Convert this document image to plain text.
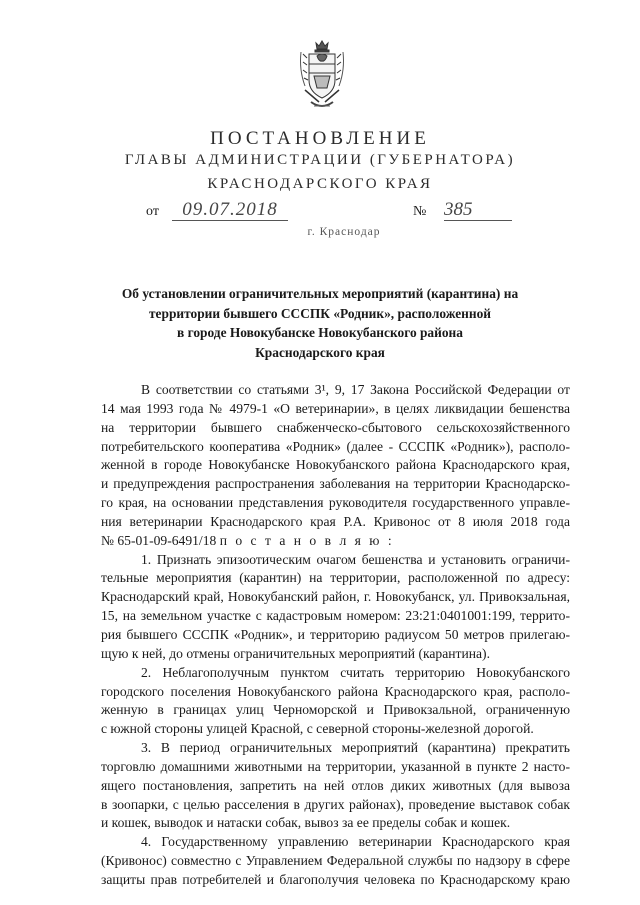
ПОСТАНОВЛЕНИЕ
ГЛАВЫ АДМИНИСТРАЦИИ (ГУБЕРНАТОРА)
КРАСНОДАРСКОГО КРАЯ
от	09.07.2018	№ 385
г. Краснодар
Об установлении ограничительных мероприятий (карантина) на
территории бывшего СССПК «Родник», расположенной
в городе Новокубанске Новокубанского района
Краснодарского края
В соответствии со статьями 3¹, 9, 17 Закона Российской Федерации от
14 мая 1993 года № 4979-1 «О ветеринарии», в целях ликвидации бешенства
на территории бывшего снабженческо-сбытового сельскохозяйственного
потребительского кооператива «Родник» (далее - СССПК «Родник»), располо-
женной в городе Новокубанске Новокубанского района Краснодарского края,
и предупреждения распространения заболевания на территории Краснодарско-
го края, на основании представления руководителя государственного управле-
ния ветеринарии Краснодарского края Р.А. Кривонос от 8 июля 2018 года
№ 65-01-09-6491/18 п о с т а н о в л я ю :
1. Признать эпизоотическим очагом бешенства и установить ограничи-
тельные мероприятия (карантин) на территории, расположенной по адресу:
Краснодарский край, Новокубанский район, г. Новокубанск, ул. Привокзальная,
15, на земельном участке с кадастровым номером: 23:21:0401001:199, террито-
рия бывшего СССПК «Родник», и территорию радиусом 50 метров прилегаю-
щую к ней, до отмены ограничительных мероприятий (карантина).
2. Неблагополучным пунктом считать территорию Новокубанского
городского поселения Новокубанского района Краснодарского края, располо-
женную в границах улиц Черноморской и Привокзальной, ограниченную
с южной стороны улицей Красной, с северной стороны-железной дорогой.
3. В период ограничительных мероприятий (карантина) прекратить
торговлю домашними животными на территории, указанной в пункте 2 наcто-
ящего постановления, запретить на ней отлов диких животных (для вывоза
в зоопарки, с целью расселения в других районах), проведение выставок собак
и кошек, выводок и натаски собак, вывоз за ее пределы собак и кошек.
4. Государственному управлению ветеринарии Краснодарского края
(Кривонос) совместно с Управлением Федеральной службы по надзору в сфере
защиты прав потребителей и благополучия человека по Краснодарскому краю
